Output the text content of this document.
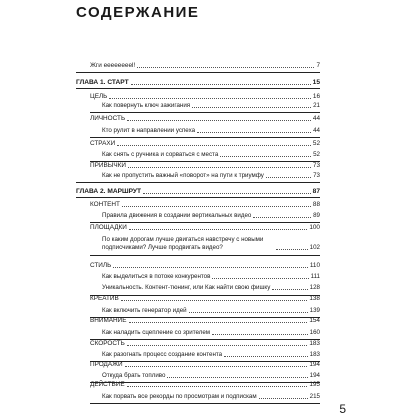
СОДЕРЖАНИЕ
Жги ееееееееl!	7
ГЛАВА 1. СТАРТ	15
ЦЕЛЬ	16
Как повернуть ключ зажигания	21
ЛИЧНОСТЬ	44
Кто рулит в направлении успеха	44
СТРАХИ	52
Как снять с ручника и сорваться с места	52
ПРИВЫЧКИ	73
Как не пропустить важный «поворот» на пути к триумфу	73
ГЛАВА 2. МАРШРУТ	87
КОНТЕНТ	88
Правила движения в создании вертикальных видео	89
ПЛОЩАДКИ	100
По каким дорогам лучше двигаться навстречу с новыми подписчиками? Лучше продвигать видео?	102
СТИЛЬ	110
Как выделиться в потоке конкурентов	111
Уникальность. Контент-тюнинг, или Как найти свою фишку	128
КРЕАТИВ	138
Как включить генератор идей	139
ВНИМАНИЕ	154
Как наладить сцепление со зрителем	160
СКОРОСТЬ	183
Как разогнать процесс создание контента	183
ПРОДАЖИ	194
Откуда брать топливо	194
ДЕЙСТВИЕ	195
Как порвать все рекорды по просмотрам и подпискам	215
5
